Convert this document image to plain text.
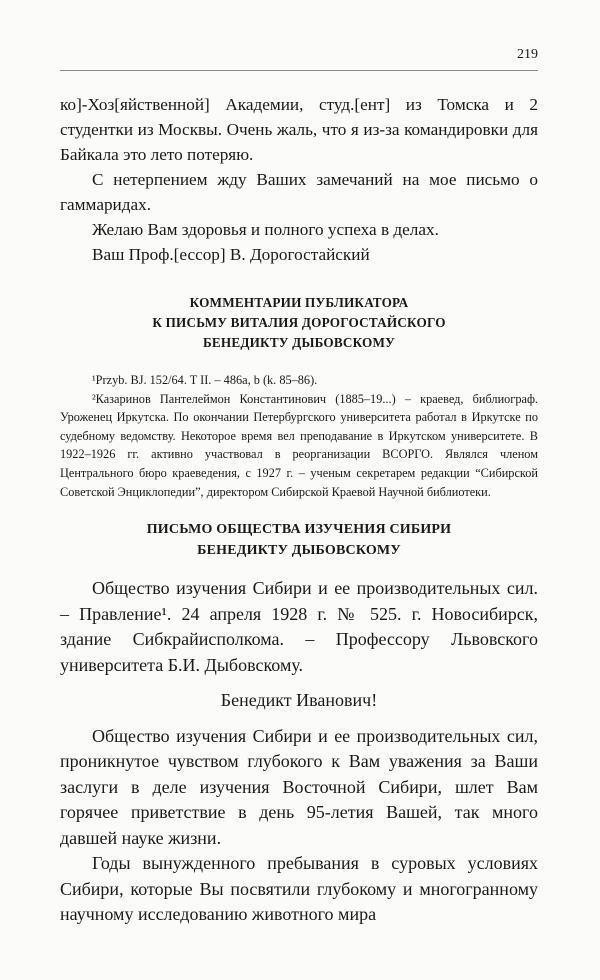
219

ко]-Хоз[яйственной] Академии, студ.[ент] из Томска и 2 студентки из Москвы. Очень жаль, что я из-за командировки для Байкала это лето потеряю.

С нетерпением жду Ваших замечаний на мое письмо о гаммаридах.

Желаю Вам здоровья и полного успеха в делах.

Ваш Проф.[ессор] В. Дорогостайский

КОММЕНТАРИИ ПУБЛИКАТОРА
К ПИСЬМУ ВИТАЛИЯ ДОРОГОСТАЙСКОГО
БЕНЕДИКТУ ДЫБОВСКОМУ

¹Przyb. BJ. 152/64. T II. – 486a, b (k. 85–86).

²Казаринов Пантелеймон Константинович (1885–19...) – краевед, библиограф. Уроженец Иркутска. По окончании Петербургского университета работал в Иркутске по судебному ведомству. Некоторое время вел преподавание в Иркутском университете. В 1922–1926 гг. активно участвовал в реорганизации ВСОРГО. Являлся членом Центрального бюро краеведения, с 1927 г. – ученым секретарем редакции “Сибирской Советской Энциклопедии”, директором Сибирской Краевой Научной библиотеки.

ПИСЬМО ОБЩЕСТВА ИЗУЧЕНИЯ СИБИРИ
БЕНЕДИКТУ ДЫБОВСКОМУ

Общество изучения Сибири и ее производительных сил. – Правление¹. 24 апреля 1928 г. № 525. г. Новосибирск, здание Сибкрайисполкома. – Профессору Львовского университета Б.И. Дыбовскому.

Бенедикт Иванович!

Общество изучения Сибири и ее производительных сил, проникнутое чувством глубокого к Вам уважения за Ваши заслуги в деле изучения Восточной Сибири, шлет Вам горячее приветствие в день 95-летия Вашей, так много давшей науке жизни.

Годы вынужденного пребывания в суровых условиях Сибири, которые Вы посвятили глубокому и многогранному научному исследованию животного мира
